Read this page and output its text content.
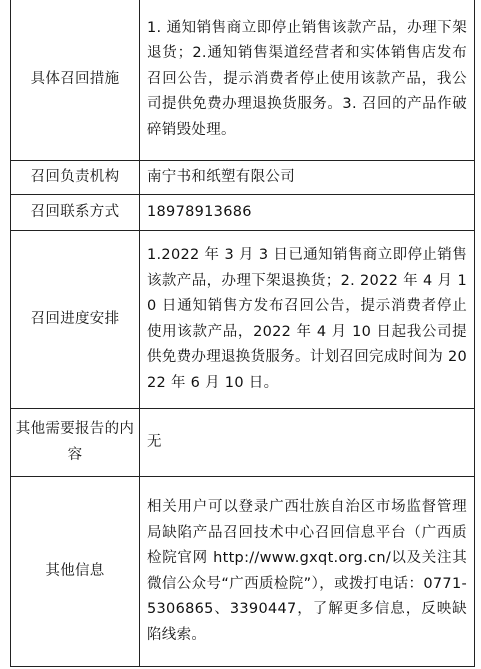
具体召回措施	1. 通知销售商立即停止销售该款产品，办理下架退货；2.通知销售渠道经营者和实体销售店发布召回公告，提示消费者停止使用该款产品，我公司提供免费办理退换货服务。3. 召回的产品作破碎销毁处理。
召回负责机构	南宁书和纸塑有限公司
召回联系方式	18978913686
召回进度安排	1.2022 年 3 月 3 日已通知销售商立即停止销售该款产品，办理下架退换货；2. 2022 年 4 月 10 日通知销售方发布召回公告，提示消费者停止使用该款产品，2022 年 4 月 10 日起我公司提供免费办理退换货服务。计划召回完成时间为 2022 年 6 月 10 日。
其他需要报告的内容	无
其他信息	相关用户可以登录广西壮族自治区市场监督管理局缺陷产品召回技术中心召回信息平台（广西质检院官网 http://www.gxqt.org.cn/以及关注其微信公众号“广西质检院”），或拨打电话：0771-5306865、3390447，了解更多信息，反映缺陷线索。
